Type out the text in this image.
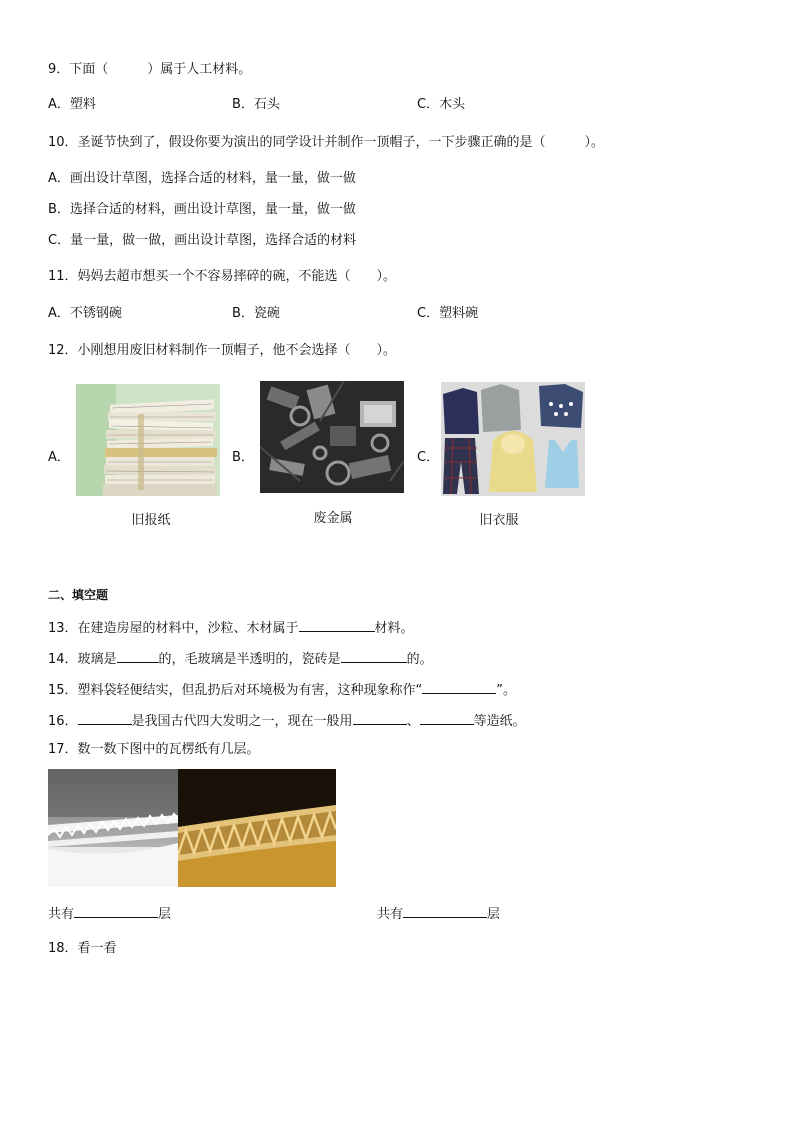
9．下面（　　　）属于人工材料。
A．塑料	B．石头	C．木头
10．圣诞节快到了，假设你要为演出的同学设计并制作一顶帽子，一下步骤正确的是（　　　）。
A．画出设计草图，选择合适的材料，量一量，做一做
B．选择合适的材料，画出设计草图，量一量，做一做
C．量一量，做一做，画出设计草图，选择合适的材料
11．妈妈去超市想买一个不容易摔碎的碗，不能选（　　）。
A．不锈钢碗	B．瓷碗	C．塑料碗
12．小刚想用废旧材料制作一顶帽子，他不会选择（　　）。
A．
旧报纸
B．
废金属
C．
旧衣服
二、填空题
13．在建造房屋的材料中，沙粒、木材属于	材料。
14．玻璃是	的，毛玻璃是半透明的，瓷砖是	的。
15．塑料袋轻便结实，但乱扔后对环境极为有害，这种现象称作“	”。
16．	是我国古代四大发明之一，现在一般用	、	等造纸。
17．数一数下图中的瓦楞纸有几层。
共有	层	共有	层
18．看一看
